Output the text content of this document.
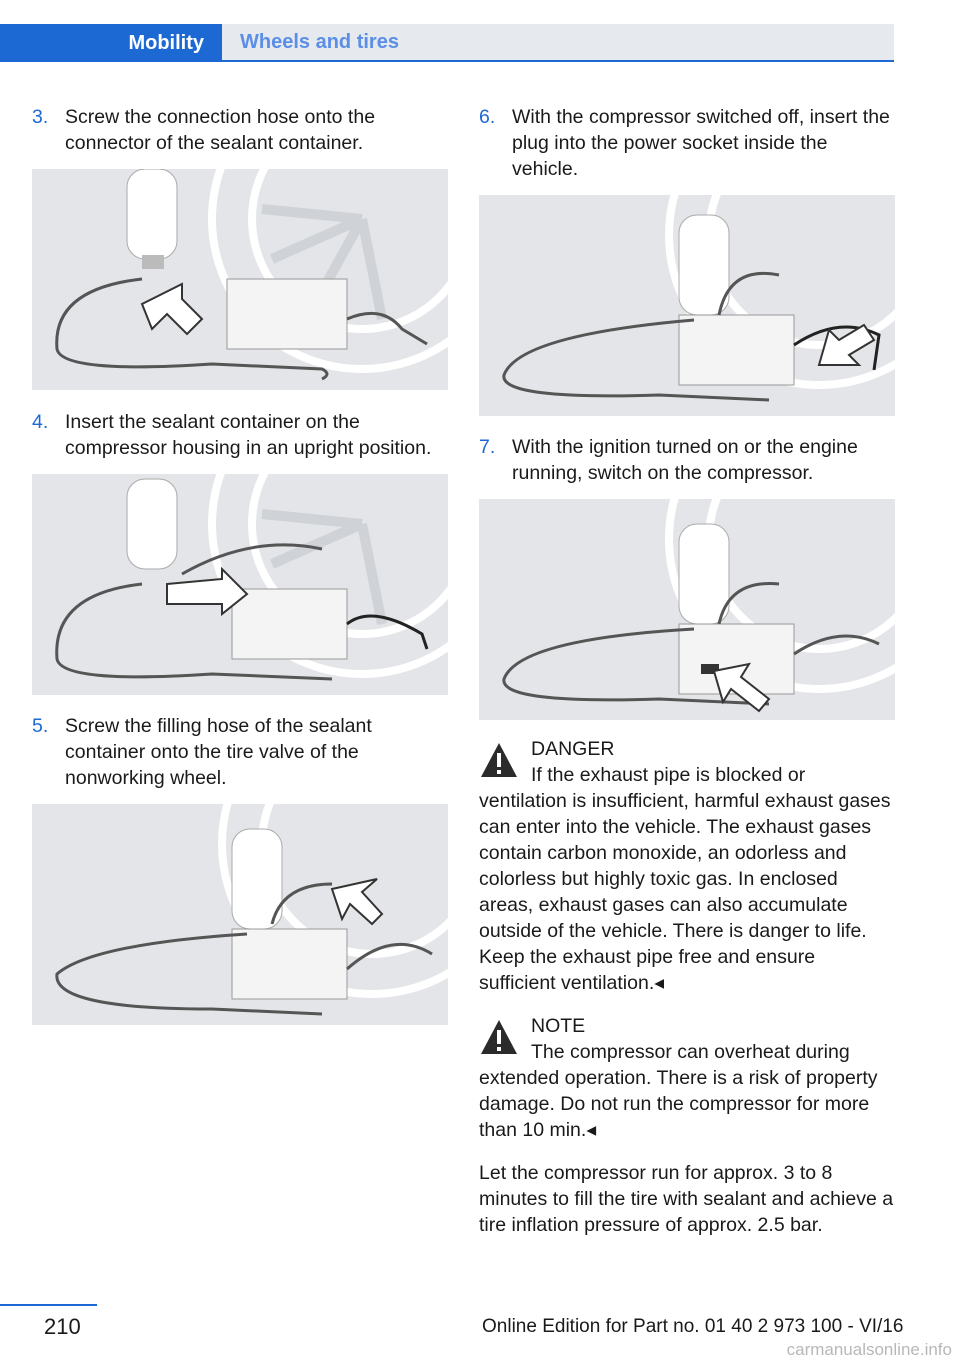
Mobility Wheels and tires
3. Screw the connection hose onto the connector of the sealant container.
4. Insert the sealant container on the compressor housing in an upright position.
5. Screw the filling hose of the sealant container onto the tire valve of the nonworking wheel.
6. With the compressor switched off, insert the plug into the power socket inside the vehicle.
7. With the ignition turned on or the engine running, switch on the compressor.
DANGER
If the exhaust pipe is blocked or ventilation is insufficient, harmful exhaust gases can enter into the vehicle. The exhaust gases contain carbon monoxide, an odorless and colorless but highly toxic gas. In enclosed areas, exhaust gases can also accumulate outside of the vehicle. There is danger to life. Keep the exhaust pipe free and ensure sufficient ventilation.◂
NOTE
The compressor can overheat during extended operation. There is a risk of property damage. Do not run the compressor for more than 10 min.◂
Let the compressor run for approx. 3 to 8 minutes to fill the tire with sealant and achieve a tire inflation pressure of approx. 2.5 bar.
210	Online Edition for Part no. 01 40 2 973 100 - VI/16
carmanualsonline.info
